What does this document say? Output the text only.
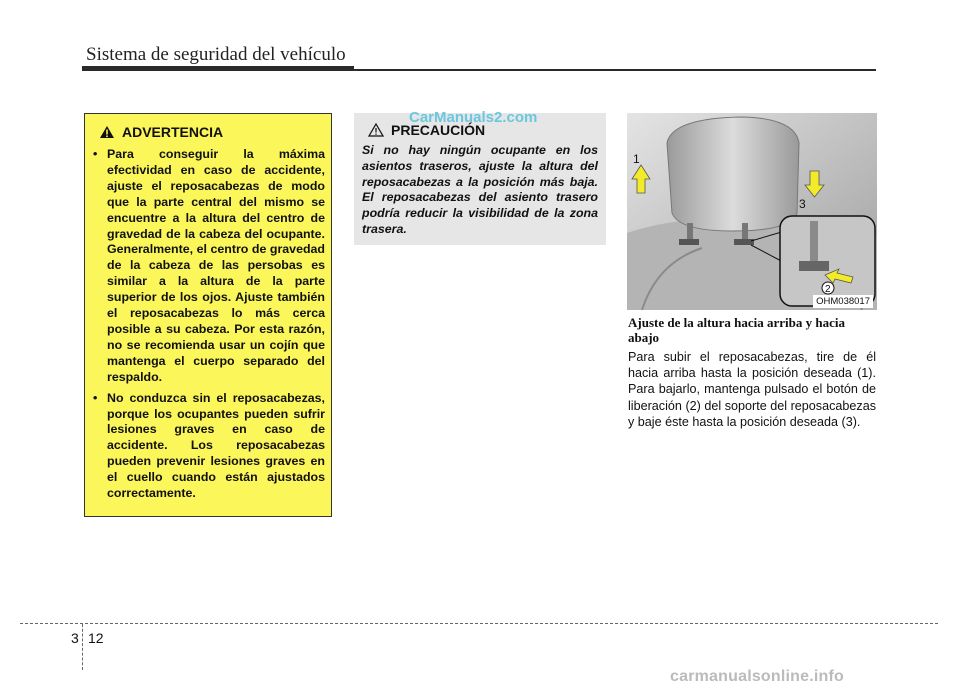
Sistema de seguridad del vehículo
ADVERTENCIA
• Para conseguir la máxima efectividad en caso de accidente, ajuste el reposacabezas de modo que la parte central del mismo se encuentre a la altura del centro de gravedad de la cabeza del ocupante. Generalmente, el centro de gravedad de la cabeza de las persobas es similar a la altura de la parte superior de los ojos. Ajuste también el reposacabezas lo más cerca posible a su cabeza. Por esta razón, no se recomienda usar un cojín que mantenga el cuerpo separado del respaldo.
• No conduzca sin el reposacabezas, porque los ocupantes pueden sufrir lesiones graves en caso de accidente. Los reposacabezas pueden prevenir lesiones graves en el cuello cuando están ajustados correctamente.
PRECAUCIÓN
Si no hay ningún ocupante en los asientos traseros, ajuste la altura del reposacabezas a la posición más baja. El reposacabezas del asiento trasero podría reducir la visibilidad de la zona trasera.
CarManuals2.com
1
3
2
OHM038017
Ajuste de la altura hacia arriba y hacia abajo
Para subir el reposacabezas, tire de él hacia arriba hasta la posición deseada (1). Para bajarlo, mantenga pulsado el botón de liberación (2) del soporte del reposacabezas y baje éste hasta la posición deseada (3).
3 12
carmanualsonline.info
